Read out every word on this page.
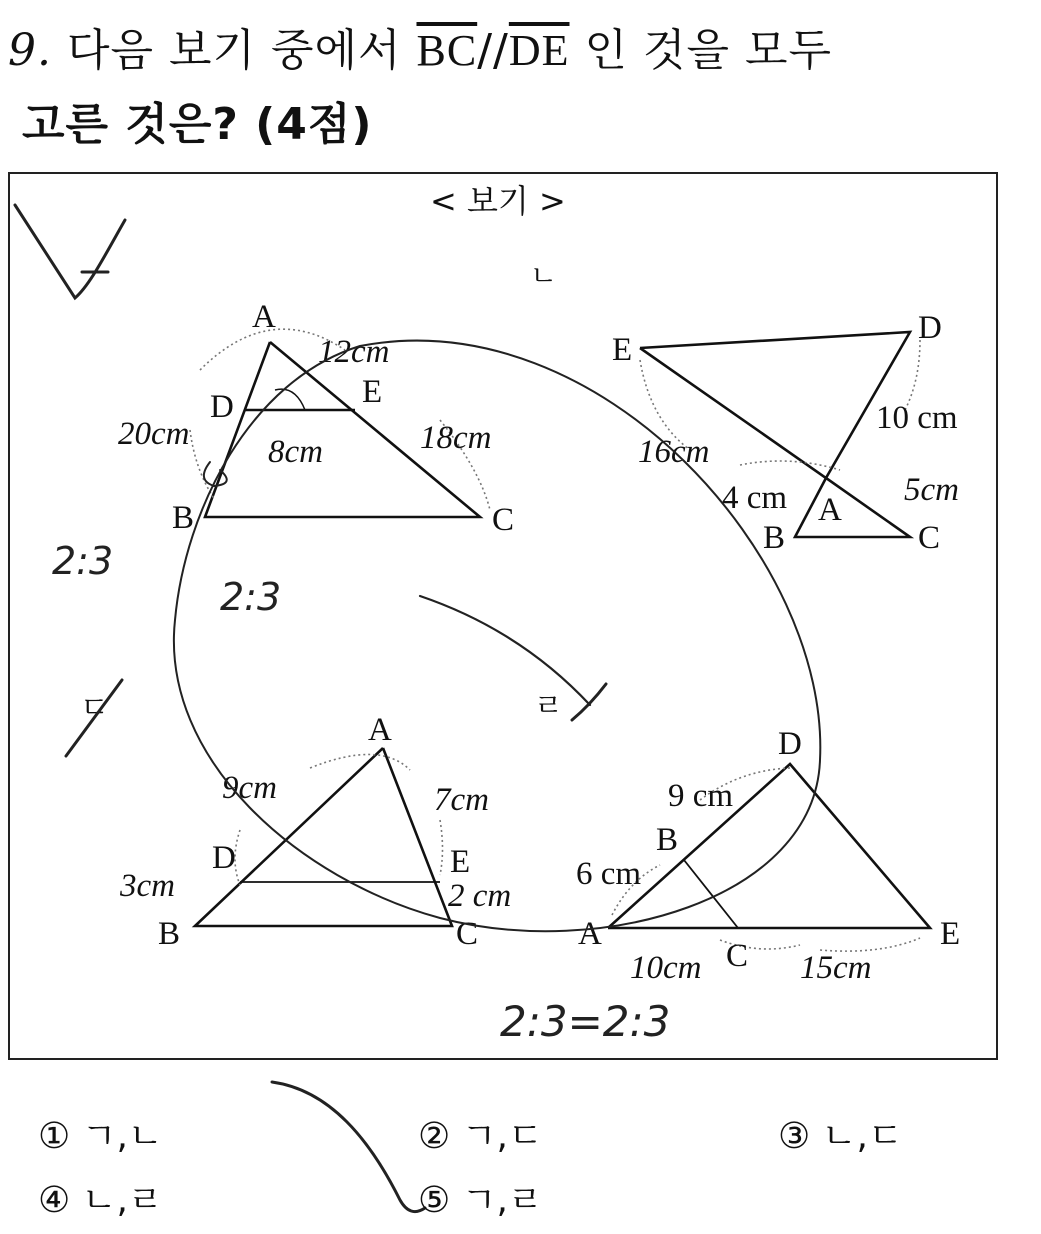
9. 다음 보기 중에서 $\overline{BC}//\overline{DE}$ 인 것을 모두
고른 것은? (4점)
< 보기 >
A
D	E
B	C
12cm
20cm 8cm	18cm
ㄴ
E
D
A
B	C
16cm
10 cm
4 cm	5cm
ㄷ
A
D	E
B	C
9cm
3cm
7cm
2 cm
ㄹ
D
B
A
C
E
6 cm
9 cm
10cm	15cm
2:3
2:3
2:3=2:3
① ㄱ,ㄴ	② ㄱ,ㄷ	③ ㄴ,ㄷ
④ ㄴ,ㄹ	⑤ ㄱ,ㄹ
